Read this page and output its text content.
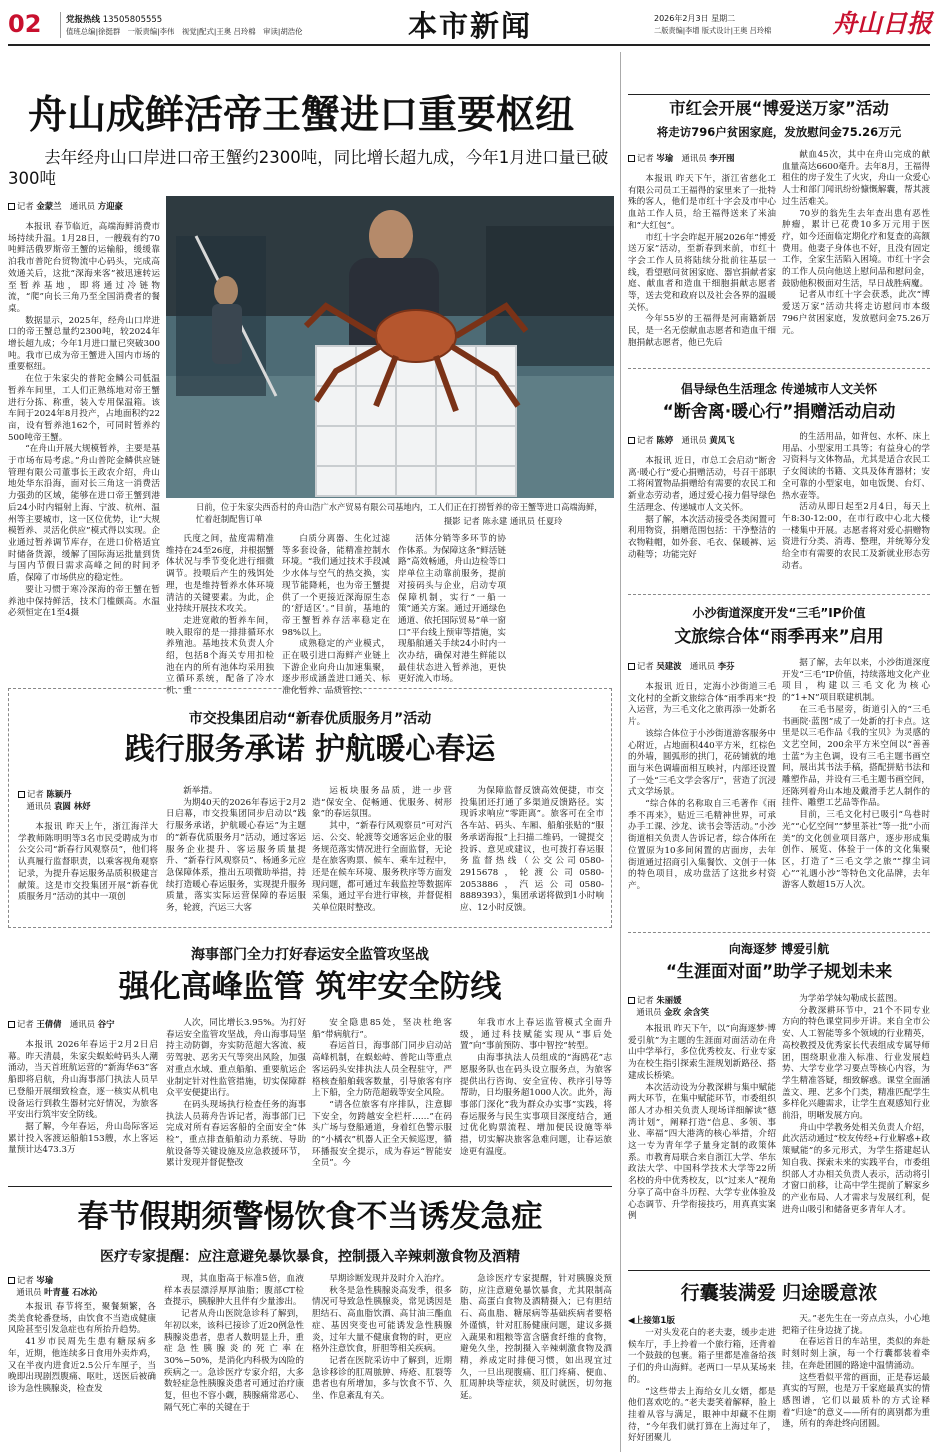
02	党报热线 13505805555
值班总编|徐挺群　一版责编|李伟　视觉|配式|王奥 吕玲棉　审读|胡浩伦	本市新闻	2026年2月3日 星期二
二版责编|李增 版式设计|王奥 吕玲棉 舟山日报
舟山成鲜活帝王蟹进口重要枢纽
去年经舟山口岸进口帝王蟹约2300吨，同比增长超九成，今年1月进口量已破300吨
记者 金蒙兰　 通讯员 方迎豪

本报讯 春节临近，高端海鲜消费市场持续升温。1月28日，一艘载有约70吨鲜活俄罗斯帝王蟹的运输船，缓缓靠泊我市普陀台贸物流中心码头，完成高效通关后，这批“深海来客”被迅速转运至暂养基地，即将通过冷链物流，“爬”向长三角乃至全国消费者的餐桌。

数据显示，2025年，经舟山口岸进口的帝王蟹总量约2300吨，较2024年增长超九成；今年1月进口量已突破300吨。我市已成为帝王蟹进入国内市场的重要枢纽。

在位于朱家尖的普陀金鳞公司低温暂养车间里，工人们正熟练地对帝王蟹进行分拣、称重，装入专用保温箱。该车间于2024年8月投产，占地面积约22亩，设有暂养池162个，可同时暂养约500吨帝王蟹。

“在舟山开展大规模暂养，主要是基于市场布局考虑。”舟山普陀金鳞供应链管理有限公司董事长王政农介绍，舟山地处华东沿海，面对长三角这一消费活力强劲的区域，能够在进口帝王蟹到港后24小时内辐射上海、宁波、杭州、温州等主要城市，这一区位优势，让“大规模暂养、灵活化供应”模式得以实现。企业通过暂养调节库存，在进口价格适宜时储备货源，缓解了国际海运批量到货与国内节假日需求高峰之间的时间矛盾，保障了市场供应的稳定性。

要让习惯于寒冷深海的帝王蟹在暂养池中保持鲜活，技术门槛颇高。水温必须恒定在1至4摄

日前，位于朱家尖西岙村的舟山浩广水产贸易有限公司基地内，工人们正在打捞暂养的帝王蟹等进口高端海鲜，忙着赶制配售订单	摄影 记者 陈永建 通讯员 任夏玲

氏度之间，盐度需精准维持在24至26度，并根据蟹体状况与季节变化进行细微调节。投喂后产生的残饵处理，也是维持暂养水体环境清洁的关键要素。为此，企业持续开展技术攻关。

走进宽敞的暂养车间，映入眼帘的是一排排循环水养殖池。基地技术负责人介绍，包括8个海关专用扣检池在内的所有池体均采用独立循环系统，配备了冷水机、重

白质分离器、生化过滤等多套设备，能精准控制水环境。“我们通过技术手段减少水体与空气的热交换，实现节能降耗，也为帝王蟹提供了一个更接近深海原生态的‘舒适区’。”目前，基地的帝王蟹暂养存活率稳定在98%以上。

成熟稳定的产业模式，正在吸引进口海鲜产业链上下游企业向舟山加速集聚，逐步形成涵盖进口通关、标准化暂养、品质管控、

活体分销等多环节的协作体系。为保障这条“鲜活链路”高效畅通，舟山边检等口岸单位主动靠前服务，提前对接码头与企业，启动专项保障机制，实行“一船一策”通关方案。通过开通绿色通道、依托国际贸易“单一窗口”平台线上预审等措施，实现船舶通关手续24小时内一次办结，确保对港生鲜能以最佳状态进入暂养池，更快更好流入市场。

市红会开展“博爱送万家”活动
将走访796户贫困家庭，发放慰问金75.26万元
记者 岑瑜　 通讯员 李开囤

本报讯 昨天下午，浙江省慈化工有限公司员工王福得的家里来了一批特殊的客人，他们是市红十字会及市中心血站工作人员，给王福得送来了米油和“大红包”。

市红十字会昨起开展2026年“博爱送万家”活动，至新春到来前，市红十字会工作人员将陆续分批前往基层一线，看望慰问贫困家庭、器官捐献者家庭、献血者和造血干细胞捐献志愿者等，送去党和政府以及社会各界的温暖关怀。

今年55岁的王福得是河南籍新居民，是一名无偿献血志愿者和造血干细胞捐献志愿者，他已先后

献血45次，其中在舟山完成的献血量高达6600毫升。去年8月，王福得租住的房子发生了火灾，舟山一众爱心人士和部门闻讯纷纷慷慨解囊，帮其渡过生活难关。

70岁的翁先生去年查出患有恶性肿瘤，累计已花费10多万元用于医疗，如今还面临定期化疗和复查的高额费用。他妻子身体也不好，且没有固定工作，全家生活陷入困境。市红十字会的工作人员向他送上慰问品和慰问金，鼓励他积极面对生活，早日战胜病魔。

记者从市红十字会获悉，此次“博爱送万家”活动共将走访慰问市本级796户贫困家庭，发放慰问金75.26万元。

倡导绿色生活理念 传递城市人文关怀
“断舍离·暖心行”捐赠活动启动
记者 陈婷　 通讯员 黄凤飞

本报讯 近日，市总工会启动“断舍离·暖心行”爱心捐赠活动，号召干部职工将闲置物品捐赠给有需要的农民工和新业态劳动者，通过爱心接力倡导绿色生活理念、传递城市人文关怀。

据了解，本次活动接受各类闲置可利用物资，捐赠范围包括：干净整洁的衣物鞋帽，如外套、毛衣、保暖裤、运动鞋等；功能完好

的生活用品，如背包、水杯、床上用品、小型家用工具等；有益身心的学习资料与文体物品，尤其是适合农民工子女阅读的书籍、文具及体育器材；安全可靠的小型家电，如电饭煲、台灯、热水壶等。

活动从即日起至2月4日，每天上午8:30-12:00，在市行政中心北大楼一楼集中开展。志愿者将对爱心捐赠物资进行分类、消毒、整理，并统筹分发给全市有需要的农民工及新就业形态劳动者。

小沙街道深度开发“三毛”IP价值
文旅综合体“雨季再来”启用
记者 吴建波　 通讯员 李芬

本报讯 近日，定海小沙街道三毛文化村的全新文旅综合体“雨季再来”投入运营，为三毛文化之旅再添一处新名片。

该综合体位于小沙街道游客服务中心附近，占地面积440平方米，红棕色的外墙，圆弧形的拱门，花砖铺就的地面与米色调墙面相互映衬，内部还设置了一处“三毛文学会客厅”，营造了沉浸式文学场景。

“综合体的名称取自三毛著作《雨季不再来》，贴近三毛精神世界，可承办手工课、沙龙、读书会等活动。”小沙街道相关负责人告诉记者，综合体所在位置原为10多间闲置的店面房，去年街道通过招商引入集餐饮、文创于一体的特色项目，成功盘活了这批乡村资产。

据了解，去年以来，小沙街道深度开发“三毛”IP价值，持续落地文化产业项目，构建以三毛文化为核心的“1+N”项目联建机制。

在三毛书屋旁，街道引入的“三毛书画院·蓝图”成了一处新的打卡点。这里是以三毛作品《我的宝贝》为灵感的文艺空间，200余平方米空间以“善善士蓝”为主色调，设有三毛主题书画空间，展出其书法手稿，搭配拼贴书法和雕塑作品，并设有三毛主题书画空间，还陈列着舟山本地及戴滑手艺人制作的挂件、雕塑工艺品等作品。

目前，三毛文化村已吸引“鸟巷时光”“心忆空间”“梦里茶社”等一批“小而美”的文化创业项目落户，逐步形成集创作、展览、体验于一体的文化集聚区，打造了“三毛文学之旅”“撑尘词心”“礼遇小沙”等特色文化品牌，去年游客人数超15万人次。

市交投集团启动“新春优质服务月”活动
践行服务承诺 护航暖心春运
记者 陈颖丹
　通讯员 袁圆 林妤

本报讯 昨天上午，浙江海洋大学教师陈明明等3名市民受聘成为市公交公司“新春行风观察员”，他们将认真履行监督职责，以乘客视角观察记录，为提升春运服务品质积极建言献策。这是市交投集团开展“新春优质服务月”活动的其中一项创

新举措。

为期40天的2026年春运于2月2日启幕，市交投集团同步启动以“践行服务承诺，护航暖心春运”为主题的“新春优质服务月”活动，通过客运服务企业提升、客运服务质量提升、“新春行风观察员”、杨通多元应急保障体系，推出五项微助举措，持续打造暖心春运服务，实现提升服务质量，落实实际运营保障的春运服务，轮渡，汽运三大客

运板块服务品质，进一步营造“保安全、促畅通、优服务、树形象”的春运氛围。

其中，“新春行风观察员”可对汽运、公交、轮渡等交通客运企业的服务规范落实情况进行全面监督，无论是在旅客购票、候车、乘车过程中，还是在候车环境、服务秩序等方面发现问题，都可通过车载监控等数据库采集，通过平台进行审核，并督促相关单位限时整改。

为保障监督反馈高效便捷，市交投集团还打通了多渠道反馈路径。实现诉求响应“零距离”。旅客可在全市各车站、码头、车厢、船舶张贴的“服务承诺海报”上扫描二维码，一键提交投诉、意见或建议，也可拨打春运服务监督热线（公交公司0580-2915678，轮渡公司0580-2053886，汽运公司0580-8889393），集团承诺将做到1小时响应、12小时反馈。

海事部门全力打好春运安全监管攻坚战
强化高峰监管 筑牢安全防线
记者 王倩倩　 通讯员 谷宁

本报讯 2026年春运于2月2日启幕。昨天清晨，朱家尖蜈蚣峙码头人潮涌动，当天首班航运营的“新海华63”客船即将启航，舟山海事部门执法人员早已登船开展细致检查，逐一核实从机电设备运行到救生器材完好情况，为旅客平安出行筑牢安全防线。

据了解，今年春运，舟山岛际客运累计投入客渡运船舶153艘，水上客运量预计达473.3万

人次，同比增长3.95%。为打好春运安全监管攻坚战，舟山海事局坚持主动防御，夯实防范超大客流、疲劳驾驶、恶劣天气等突出风险，加强对重点水域、重点船舶、重要航运企业制定针对性监管措施，切实保障群众平安便捷出行。

在码头现场执行检查任务的海事执法人员蒋舟告诉记者，海事部门已完成对所有春运客船的全面安全“体检”，重点排查船舶动力系统、导助航设备等关键设施及应急救援环节，累计发现并督促整改

安全隐患85处，坚决杜绝客船“带病航行”。

春运首日，海事部门同步启动站高峰机制，在蜈蚣峙、普陀山等重点客运码头安排执法人员全程驻守，严格核查船舶载客数量，引导旅客有序上下船，全力防范超载等安全风险。

“请各位旅客有序排队，注意脚下安全，勿跨越安全栏杆……”在码头广场与登船通道，身着红色警示服的“小橘衣”机器人正全天候巡逻，循环播报安全提示，成为春运“智能安全员”。今

年我市水上春运监管模式全面升级，通过科技赋能实现从“事后处置”向“事前预防、事中智控”转型。

由海事执法人员组成的“海鸥花”志愿服务队也在码头设立服务点，为旅客提供出行咨询、安全宣传、秩序引导等帮助，日均服务超1000人次。此外，海事部门深化“我为群众办实事”实践，将春运服务与民生实事项目深度结合，通过优化购票流程、增加便民设施等举措，切实解决旅客急难问题，让春运旅途更有温度。

向海逐梦 博爱引航
“生涯面对面”助学子规划未来
记者 朱丽媛
　通讯员 金玫 余含笑

本报讯 昨天下午，以“向海逐梦·博爱引航”为主题的生涯面对面活动在舟山中学举行，多位优秀校友、行业专家为在校生指引探索生涯规划新路径、搭建成长桥梁。

本次活动设为分教深耕与集中赋能两大环节，在集中赋能环节，市委组织部人才办相关负责人现场详细解读“德湾计划”，阐释打造“信息、多领、事业、率福”四大港湾的核心举措，介绍这一专为青年学子量身定制的政策体系。市教育局联合来自浙江大学、华东政法大学、中国科学技术大学等22所名校的舟中优秀校友，以“过来人”视角分享了高中奋斗历程、大学专业体验及心态调节、升学衔接技巧，用真真实案例

为学弟学妹勾勒成长蓝图。

分教深耕环节中，21个不同专业方向的特色课堂同步开讲。来自全市公安、人工智能等多个领域的行业精英，高校教授及优秀家长代表组成专属导师团，围绕职业准入标准、行业发展趋势、大学专业学习要点等核心内容，为学生精准答疑，细致解惑。课堂全面涵盖文、理、艺多个门类，精准匹配学生多样化兴趣需求，让学生直观感知行业前沿，明晰发展方向。

舟山中学教务处相关负责人介绍，此次活动通过“校友传经+行业解惑+政策赋能”的多元形式，为学生搭建起认知自我、探索未来的实践平台，市委组织部人才办相关负责人表示，活动将引才窗口前移，让高中学生提前了解家乡的产业布局、人才需求与发展红利，促进舟山吸引和储备更多青年人才。

春节假期须警惕饮食不当诱发急症
医疗专家提醒：应注意避免暴饮暴食，控制摄入辛辣刺激食物及酒精
记者 岑瑜
　通讯员 叶青蔓 石冰沁

本报讯 春节将至，聚餐频繁，各类美食轮番登场，由饮食不当造成健康风险甚至引发急症也有所抬升趋势。

41岁市民周先生患有糖尿病多年，近期，他连续多日食用外卖炸鸡，又在半夜内进食近2.5公斤车厘子，当晚即出现剧烈腹痛、呕吐，送医后被确诊为急性胰腺炎，检查发

现，其血脂高于标准5倍，血液样本表层漂浮厚厚油脂；腹部CT检查提示，胰腺肿大且伴有少量渗出。

记者从舟山医院急诊科了解到，年初以来，该科已接诊了近20例急性胰腺炎患者，患者人数明显上升，重症急性胰腺炎的死亡率在30%~50%，是消化内科极为凶险的疾病之一。急诊医疗专家介绍，大多数轻症急性胰腺炎患者可通过治疗康复，但也不容小觑，胰腺痛常恶心、隔气死亡率的关键在于

早期诊断发现并及时介入治疗。

秋冬是急性胰腺炎高发季，很多情况可导致急性胰腺炎，常见诱因是胆结石、高血脂饮酒、高甘油三酯血症、基因突变也可能诱发急性胰腺炎，过年大量不健康食物的时，更应格外注意饮食，肝胆等相关疾病。

记者在医院采访中了解到，近期急诊移诊的肛周脓肿、痔疮、肛裂等患者也有所增加，多与饮食不节、久坐、作息紊乱有关。

急诊医疗专家提醒，针对胰腺炎预防，应注意避免暴饮暴食，尤其限制高脂、高蛋白食物及酒精摄入；已有胆结石、高血脂、糖尿病等基础疾病者要格外谨慎，针对肛肠健康问题，建议多摄入蔬果和粗粮等富含膳食纤维的食物，避免久坐，控制摄入辛辣刺激食物及酒精，养成定时排便习惯，如出现宜过久，一旦出现腹痛、肛门疼痛、便血、肛周肿块等症状，须及时就医，切勿拖延。

行囊装满爱 归途暖意浓
◀上接第1版

一对头发花白的老夫妻，缓步走进候车厅，手上拎着一个旅行箱，还背着一个鼓鼓的包裹。箱子里都是准备给孩子们的舟山海鲜。老两口一早从某场来的。

“这些带去上海给女儿女婿，都是他们喜欢吃的。”老夫妻笑着解释，脸上挂着从容与满足，眼神中却藏不住期待，“今年我们就打算在上海过年了，好好团聚儿

天。”老先生在一旁点点头，小心地把箱子往身边拢了拢。

在春运首日的车站里，类似的奔赴时刻时刻上演，每一个行囊都装着牵挂，在奔赴团圆的路途中温情涌动。

这些看似平常的画面，正是春运最真实的写照，也是万千家庭最真实的情感图谱，它们以最质朴的方式诠释着“归途”的意义——所有的离别都为重逢，所有的奔赴终向团圆。
